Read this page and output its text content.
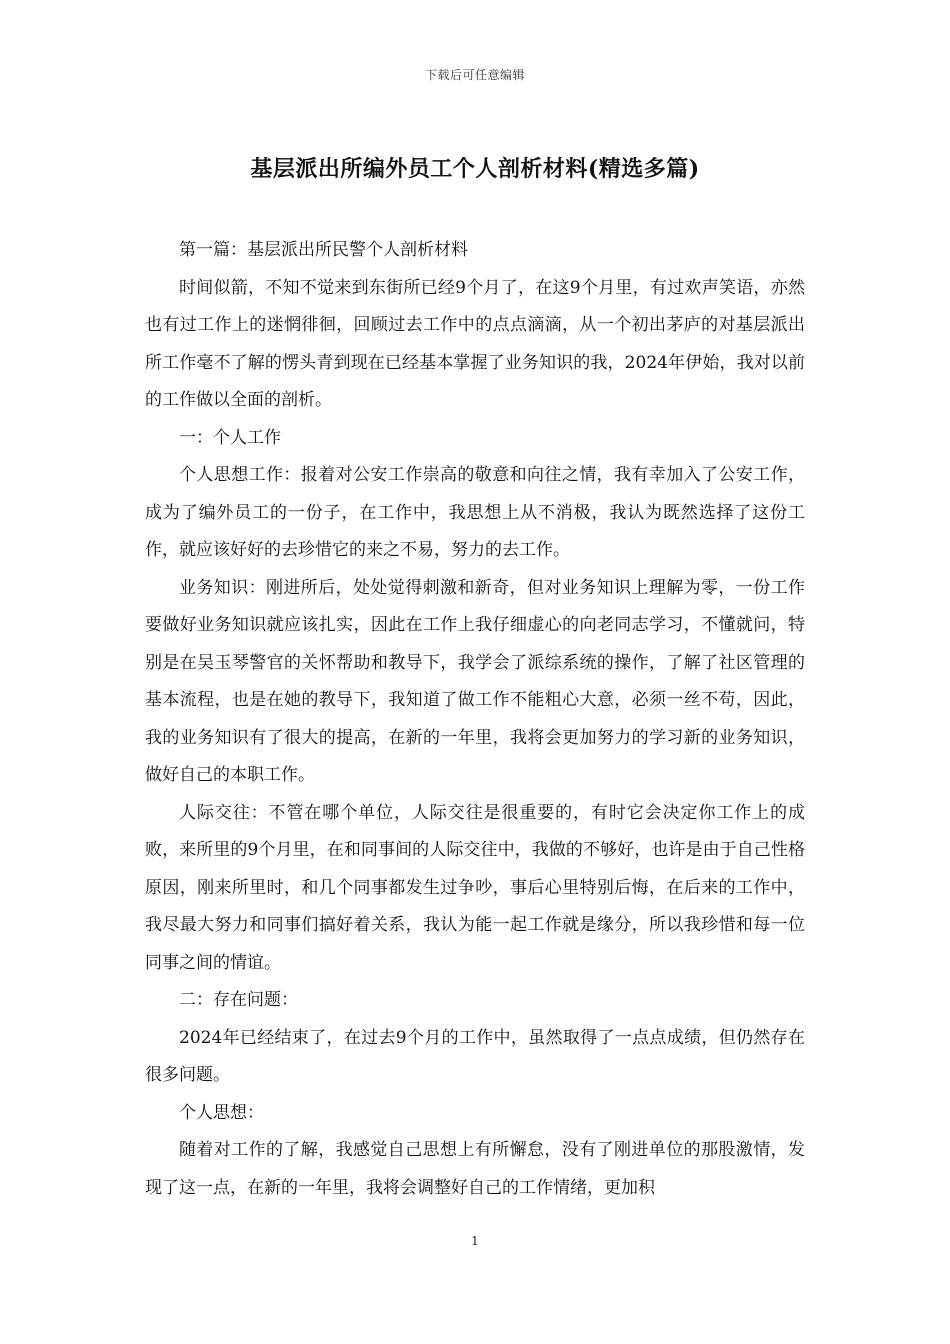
下载后可任意编辑
基层派出所编外员工个人剖析材料(精选多篇)

第一篇：基层派出所民警个人剖析材料

时间似箭，不知不觉来到东街所已经9个月了，在这9个月里，有过欢声笑语，亦然也有过工作上的迷惘徘徊，回顾过去工作中的点点滴滴，从一个初出茅庐的对基层派出所工作毫不了解的愣头青到现在已经基本掌握了业务知识的我，2024年伊始，我对以前的工作做以全面的剖析。

一：个人工作

个人思想工作：报着对公安工作崇高的敬意和向往之情，我有幸加入了公安工作，成为了编外员工的一份子，在工作中，我思想上从不消极，我认为既然选择了这份工作，就应该好好的去珍惜它的来之不易，努力的去工作。

业务知识：刚进所后，处处觉得刺激和新奇，但对业务知识上理解为零，一份工作要做好业务知识就应该扎实，因此在工作上我仔细虚心的向老同志学习，不懂就问，特别是在吴玉琴警官的关怀帮助和教导下，我学会了派综系统的操作，了解了社区管理的基本流程，也是在她的教导下，我知道了做工作不能粗心大意，必须一丝不苟，因此，我的业务知识有了很大的提高，在新的一年里，我将会更加努力的学习新的业务知识，做好自己的本职工作。

人际交往：不管在哪个单位，人际交往是很重要的，有时它会决定你工作上的成败，来所里的9个月里，在和同事间的人际交往中，我做的不够好，也许是由于自己性格原因，刚来所里时，和几个同事都发生过争吵，事后心里特别后悔，在后来的工作中，我尽最大努力和同事们搞好着关系，我认为能一起工作就是缘分，所以我珍惜和每一位同事之间的情谊。

二：存在问题：

2024年已经结束了，在过去9个月的工作中，虽然取得了一点点成绩，但仍然存在很多问题。

个人思想：

随着对工作的了解，我感觉自己思想上有所懈怠，没有了刚进单位的那股激情，发现了这一点，在新的一年里，我将会调整好自己的工作情绪，更加积

1
